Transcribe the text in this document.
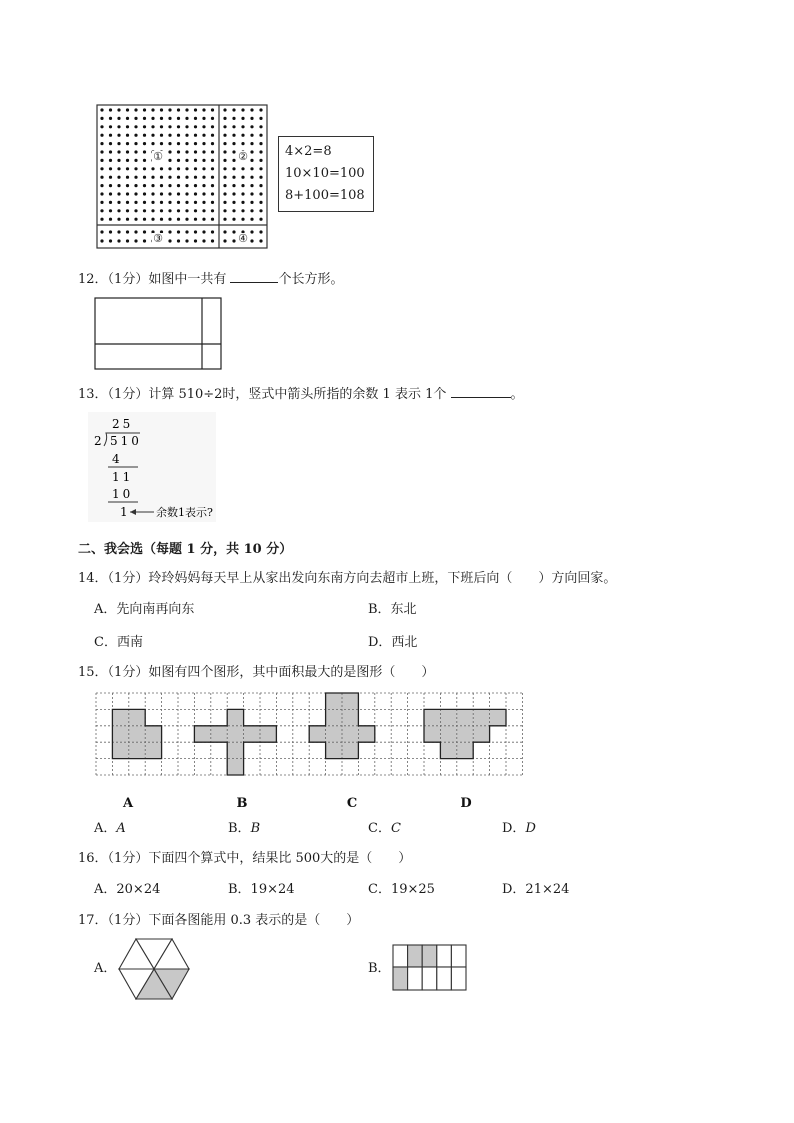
①	②
③	④
4×2=8
10×10=100
8+100=108
12．（1分）如图中一共有	个长方形。
13．（1分）计算 510÷2时，竖式中箭头所指的余数 1 表示 1个	。
25
2 510
4
11
10
1	余数1表示?
二、我会选（每题 1 分，共 10 分）
14．（1分）玲玲妈妈每天早上从家出发向东南方向去超市上班，下班后向（　　）方向回家。
A．先向南再向东	B．东北
C．西南	D．西北
15．（1分）如图有四个图形，其中面积最大的是图形（　　）
A	B	C	D
A．A	B．B	C．C	D．D
16．（1分）下面四个算式中，结果比 500大的是（　　）
A．20×24	B．19×24	C．19×25	D．21×24
17．（1分）下面各图能用 0.3 表示的是（　　）
A．	B．
